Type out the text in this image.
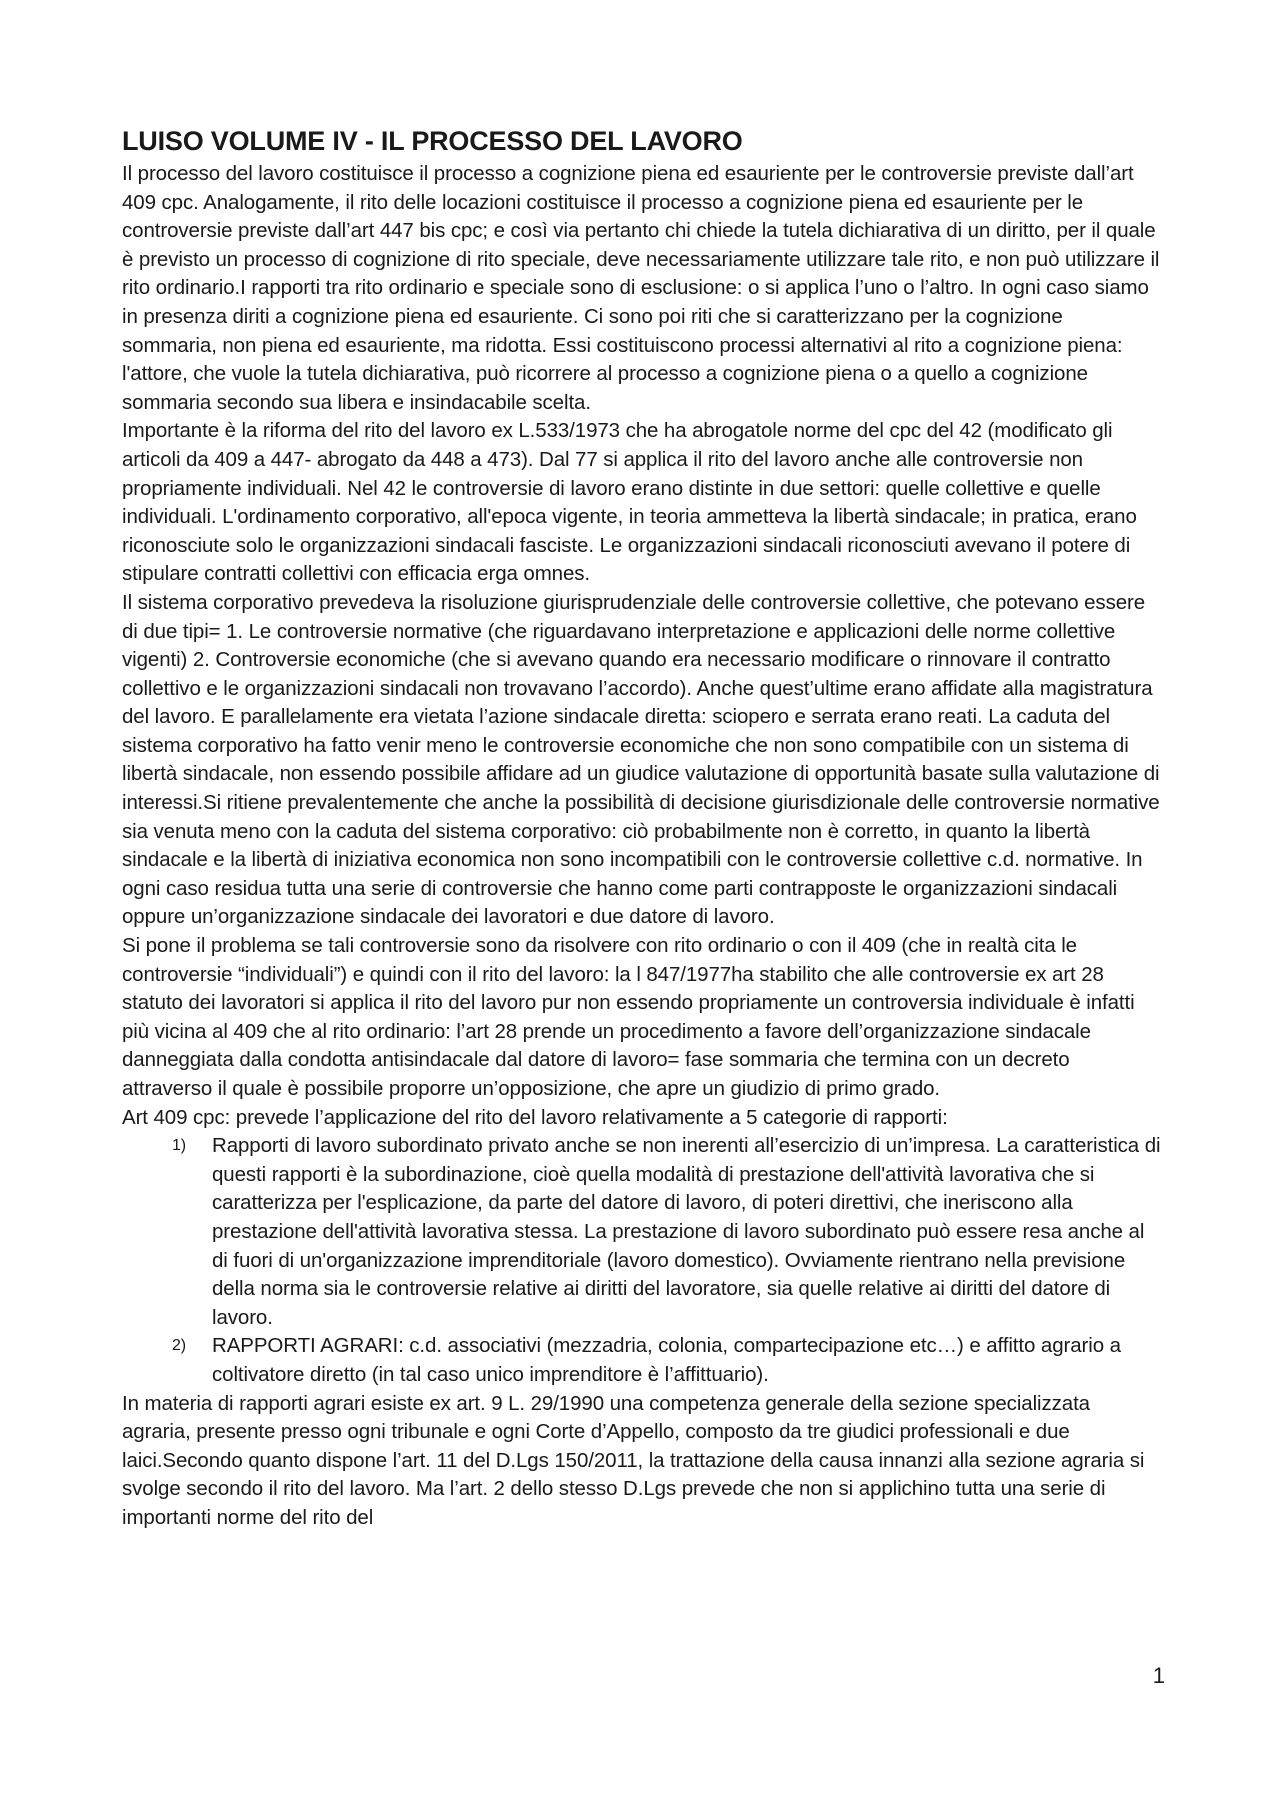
LUISO VOLUME IV - IL PROCESSO DEL LAVORO

Il processo del lavoro costituisce il processo a cognizione piena ed esauriente per le controversie previste dall’art 409 cpc. Analogamente, il rito delle locazioni costituisce il processo a cognizione piena ed esauriente per le controversie previste dall’art 447 bis cpc; e così via pertanto chi chiede la tutela dichiarativa di un diritto, per il quale è previsto un processo di cognizione di rito speciale, deve necessariamente utilizzare tale rito, e non può utilizzare il rito ordinario.I rapporti tra rito ordinario e speciale sono di esclusione: o si applica l’uno o l’altro. In ogni caso siamo in presenza diriti a cognizione piena ed esauriente. Ci sono poi riti che si caratterizzano per la cognizione sommaria, non piena ed esauriente, ma ridotta. Essi costituiscono processi alternativi al rito a cognizione piena: l'attore, che vuole la tutela dichiarativa, può ricorrere al processo a cognizione piena o a quello a cognizione sommaria secondo sua libera e insindacabile scelta.

Importante è la riforma del rito del lavoro ex L.533/1973 che ha abrogatole norme del cpc del 42 (modificato gli articoli da 409 a 447- abrogato da 448 a 473). Dal 77 si applica il rito del lavoro anche alle controversie non propriamente individuali. Nel 42 le controversie di lavoro erano distinte in due settori: quelle collettive e quelle individuali. L'ordinamento corporativo, all'epoca vigente, in teoria ammetteva la libertà sindacale; in pratica, erano riconosciute solo le organizzazioni sindacali fasciste. Le organizzazioni sindacali riconosciuti avevano il potere di stipulare contratti collettivi con efficacia erga omnes.

Il sistema corporativo prevedeva la risoluzione giurisprudenziale delle controversie collettive, che potevano essere di due tipi= 1. Le controversie normative (che riguardavano interpretazione e applicazioni delle norme collettive vigenti) 2. Controversie economiche (che si avevano quando era necessario modificare o rinnovare il contratto collettivo e le organizzazioni sindacali non trovavano l’accordo). Anche quest’ultime erano affidate alla magistratura del lavoro. E parallelamente era vietata l’azione sindacale diretta: sciopero e serrata erano reati. La caduta del sistema corporativo ha fatto venir meno le controversie economiche che non sono compatibile con un sistema di libertà sindacale, non essendo possibile affidare ad un giudice valutazione di opportunità basate sulla valutazione di interessi.Si ritiene prevalentemente che anche la possibilità di decisione giurisdizionale delle controversie normative sia venuta meno con la caduta del sistema corporativo: ciò probabilmente non è corretto, in quanto la libertà sindacale e la libertà di iniziativa economica non sono incompatibili con le controversie collettive c.d. normative. In ogni caso residua tutta una serie di controversie che hanno come parti contrapposte le organizzazioni sindacali oppure un’organizzazione sindacale dei lavoratori e due datore di lavoro.

Si pone il problema se tali controversie sono da risolvere con rito ordinario o con il 409 (che in realtà cita le controversie “individuali”) e quindi con il rito del lavoro: la l 847/1977ha stabilito che alle controversie ex art 28 statuto dei lavoratori si applica il rito del lavoro pur non essendo propriamente un controversia individuale è infatti più vicina al 409 che al rito ordinario: l’art 28 prende un procedimento a favore dell’organizzazione sindacale danneggiata dalla condotta antisindacale dal datore di lavoro= fase sommaria che termina con un decreto attraverso il quale è possibile proporre un’opposizione, che apre un giudizio di primo grado.

Art 409 cpc: prevede l’applicazione del rito del lavoro relativamente a 5 categorie di rapporti:

1) Rapporti di lavoro subordinato privato anche se non inerenti all’esercizio di un’impresa. La caratteristica di questi rapporti è la subordinazione, cioè quella modalità di prestazione dell'attività lavorativa che si caratterizza per l'esplicazione, da parte del datore di lavoro, di poteri direttivi, che ineriscono alla prestazione dell'attività lavorativa stessa. La prestazione di lavoro subordinato può essere resa anche al di fuori di un'organizzazione imprenditoriale (lavoro domestico). Ovviamente rientrano nella previsione della norma sia le controversie relative ai diritti del lavoratore, sia quelle relative ai diritti del datore di lavoro.
2) RAPPORTI AGRARI: c.d. associativi (mezzadria, colonia, compartecipazione etc…) e affitto agrario a coltivatore diretto (in tal caso unico imprenditore è l’affittuario).

In materia di rapporti agrari esiste ex art. 9 L. 29/1990 una competenza generale della sezione specializzata agraria, presente presso ogni tribunale e ogni Corte d’Appello, composto da tre giudici professionali e due laici.Secondo quanto dispone l’art. 11 del D.Lgs 150/2011, la trattazione della causa innanzi alla sezione agraria si svolge secondo il rito del lavoro. Ma l’art. 2 dello stesso D.Lgs prevede che non si applichino tutta una serie di importanti norme del rito del

1
